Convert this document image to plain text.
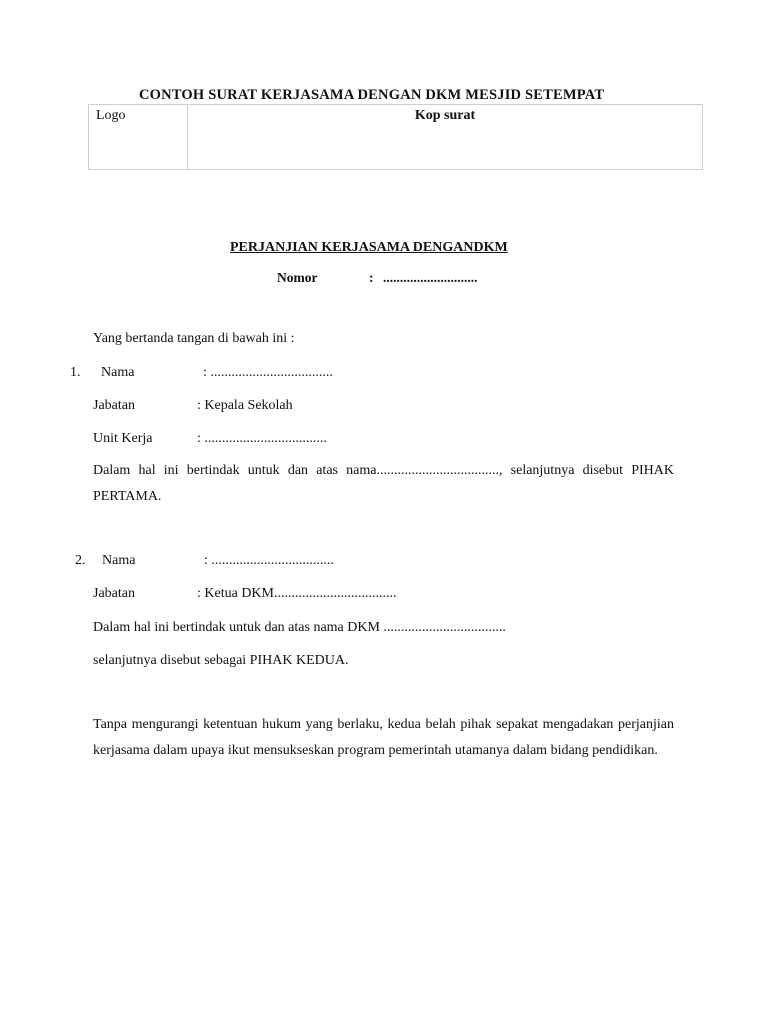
CONTOH SURAT KERJASAMA DENGAN DKM MESJID SETEMPAT
Logo	Kop surat
PERJANJIAN KERJASAMA DENGANDKM
Nomor	: ............................
Yang bertanda tangan di bawah ini :
1. Nama	: ...................................
Jabatan	: Kepala Sekolah
Unit Kerja	: ...................................
Dalam hal ini bertindak untuk dan atas nama..................................., selanjutnya disebut PIHAK PERTAMA.
2. Nama	: ...................................
Jabatan	: Ketua DKM...................................
Dalam hal ini bertindak untuk dan atas nama DKM ...................................
selanjutnya disebut sebagai PIHAK KEDUA.
Tanpa mengurangi ketentuan hukum yang berlaku, kedua belah pihak sepakat mengadakan perjanjian kerjasama dalam upaya ikut mensukseskan program pemerintah utamanya dalam bidang pendidikan.
